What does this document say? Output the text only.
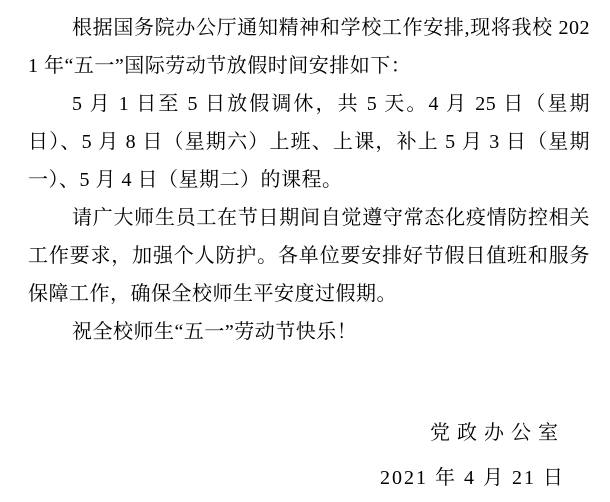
根据国务院办公厅通知精神和学校工作安排,现将我校 2021 年“五一”国际劳动节放假时间安排如下：

5 月 1 日至 5 日放假调休，共 5 天。4 月 25 日（星期日）、5 月 8 日（星期六）上班、上课，补上 5 月 3 日（星期一）、5 月 4 日（星期二）的课程。

请广大师生员工在节日期间自觉遵守常态化疫情防控相关工作要求，加强个人防护。各单位要安排好节假日值班和服务保障工作，确保全校师生平安度过假期。

祝全校师生“五一”劳动节快乐！

党政办公室

2021 年 4 月 21 日
